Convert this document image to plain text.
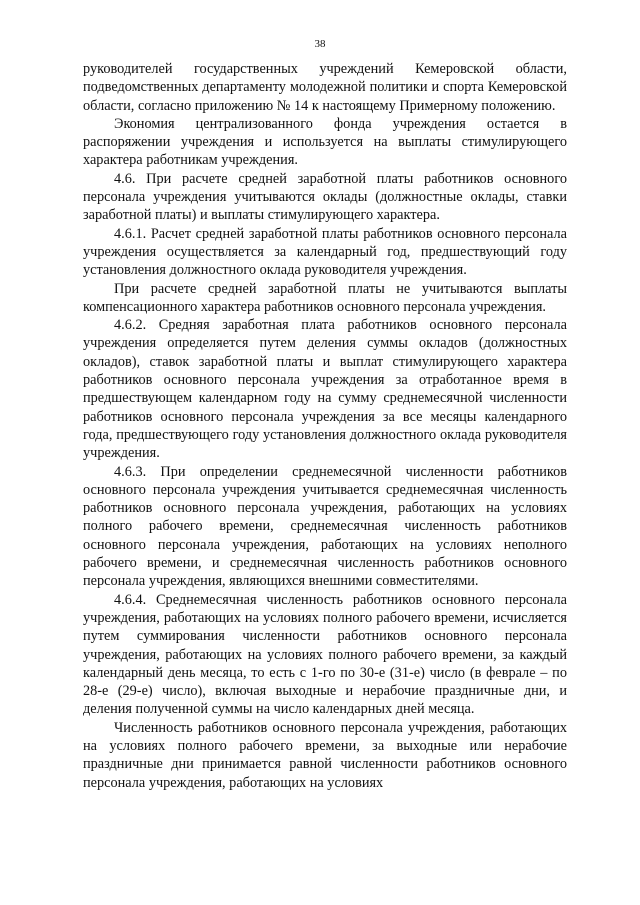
38

руководителей государственных учреждений Кемеровской области, подведомственных департаменту молодежной политики и спорта Кемеровской области, согласно приложению № 14 к настоящему Примерному положению.

Экономия централизованного фонда учреждения остается в распоряжении учреждения и используется на выплаты стимулирующего характера работникам учреждения.

4.6. При расчете средней заработной платы работников основного персонала учреждения учитываются оклады (должностные оклады, ставки заработной платы) и выплаты стимулирующего характера.

4.6.1. Расчет средней заработной платы работников основного персонала учреждения осуществляется за календарный год, предшествующий году установления должностного оклада руководителя учреждения.

При расчете средней заработной платы не учитываются выплаты компенсационного характера работников основного персонала учреждения.

4.6.2. Средняя заработная плата работников основного персонала учреждения определяется путем деления суммы окладов (должностных окладов), ставок заработной платы и выплат стимулирующего характера работников основного персонала учреждения за отработанное время в предшествующем календарном году на сумму среднемесячной численности работников основного персонала учреждения за все месяцы календарного года, предшествующего году установления должностного оклада руководителя учреждения.

4.6.3. При определении среднемесячной численности работников основного персонала учреждения учитывается среднемесячная численность работников основного персонала учреждения, работающих на условиях полного рабочего времени, среднемесячная численность работников основного персонала учреждения, работающих на условиях неполного рабочего времени, и среднемесячная численность работников основного персонала учреждения, являющихся внешними совместителями.

4.6.4. Среднемесячная численность работников основного персонала учреждения, работающих на условиях полного рабочего времени, исчисляется путем суммирования численности работников основного персонала учреждения, работающих на условиях полного рабочего времени, за каждый календарный день месяца, то есть с 1-го по 30-е (31-е) число (в феврале – по 28-е (29-е) число), включая выходные и нерабочие праздничные дни, и деления полученной суммы на число календарных дней месяца.

Численность работников основного персонала учреждения, работающих на условиях полного рабочего времени, за выходные или нерабочие праздничные дни принимается равной численности работников основного персонала учреждения, работающих на условиях
